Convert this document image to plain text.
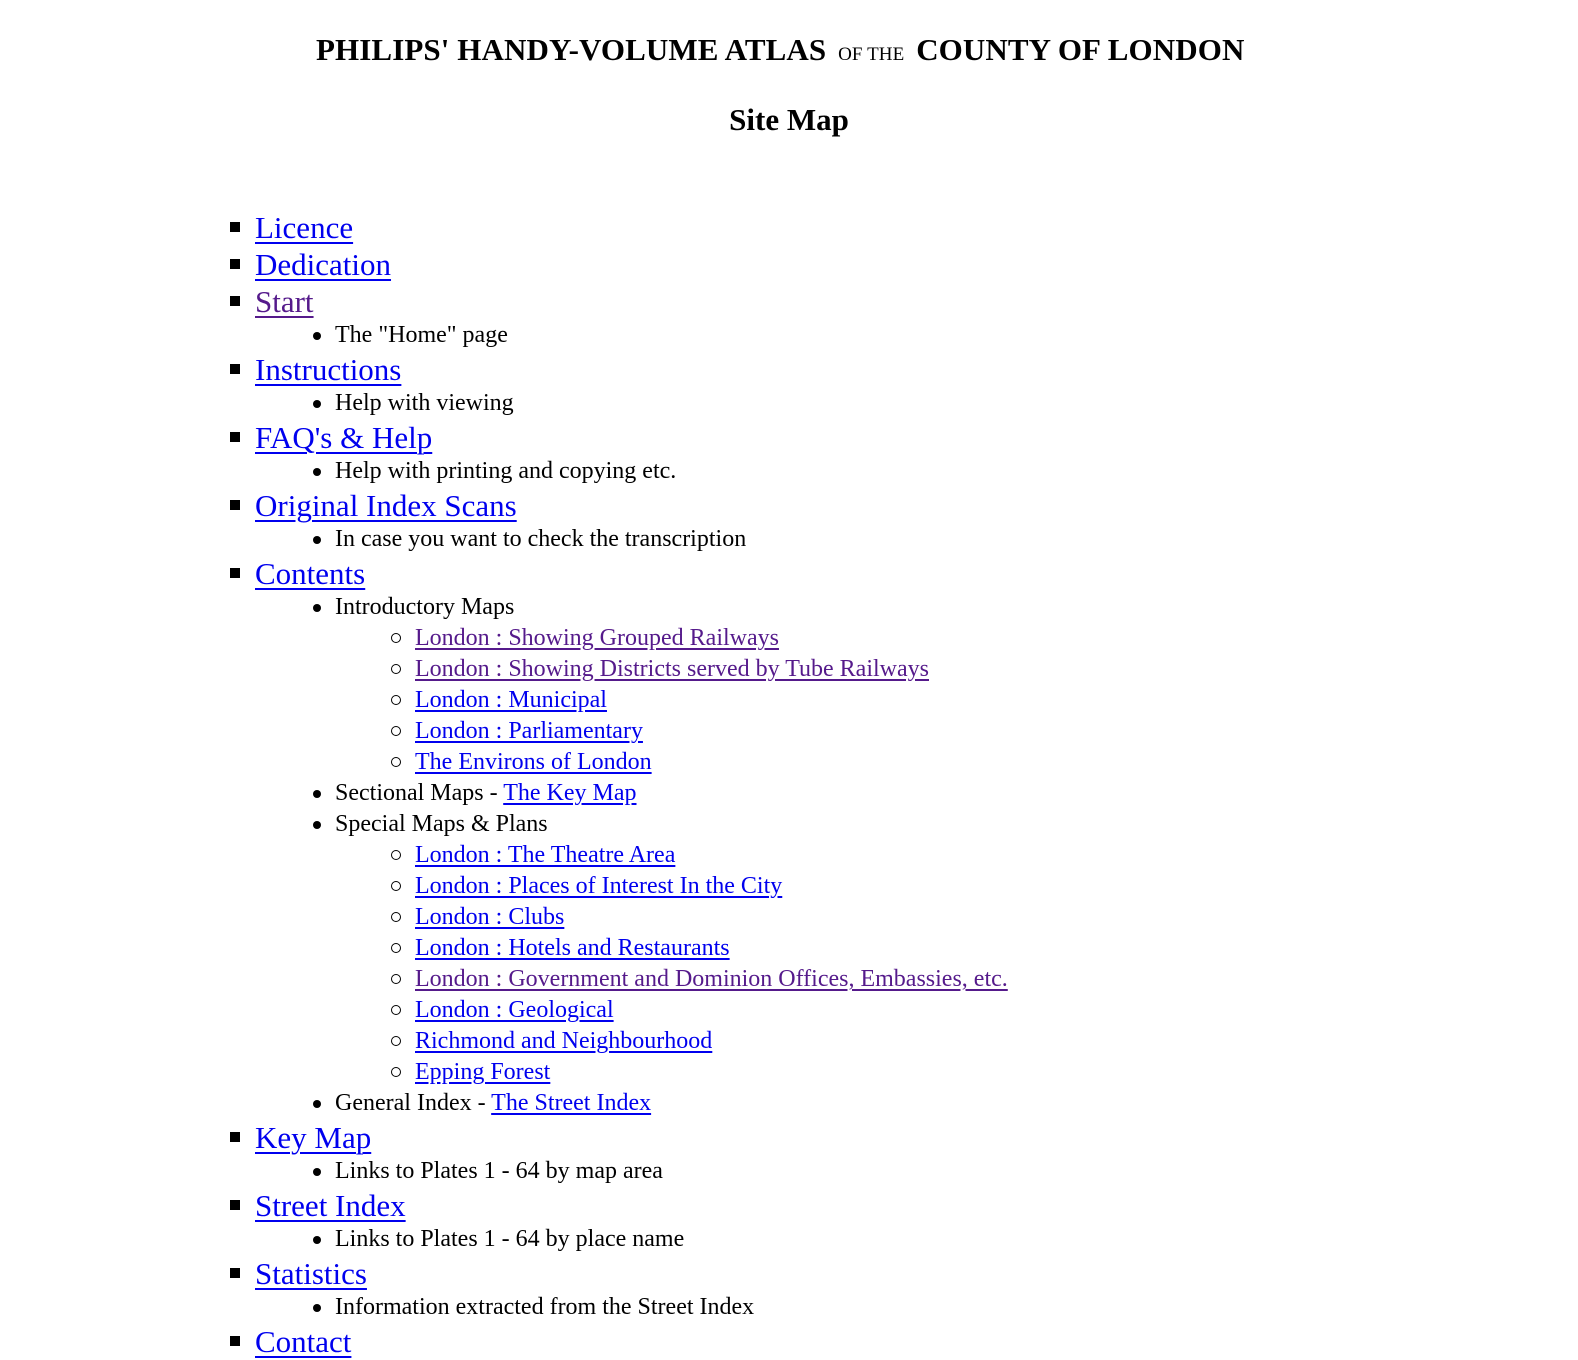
PHILIPS' HANDY-VOLUME ATLAS OF THE COUNTY OF LONDON
Site Map
Licence
Dedication
Start
The "Home" page
Instructions
Help with viewing
FAQ's & Help
Help with printing and copying etc.
Original Index Scans
In case you want to check the transcription
Contents
Introductory Maps
London : Showing Grouped Railways
London : Showing Districts served by Tube Railways
London : Municipal
London : Parliamentary
The Environs of London
Sectional Maps - The Key Map
Special Maps & Plans
London : The Theatre Area
London : Places of Interest In the City
London : Clubs
London : Hotels and Restaurants
London : Government and Dominion Offices, Embassies, etc.
London : Geological
Richmond and Neighbourhood
Epping Forest
General Index - The Street Index
Key Map
Links to Plates 1 - 64 by map area
Street Index
Links to Plates 1 - 64 by place name
Statistics
Information extracted from the Street Index
Contact
